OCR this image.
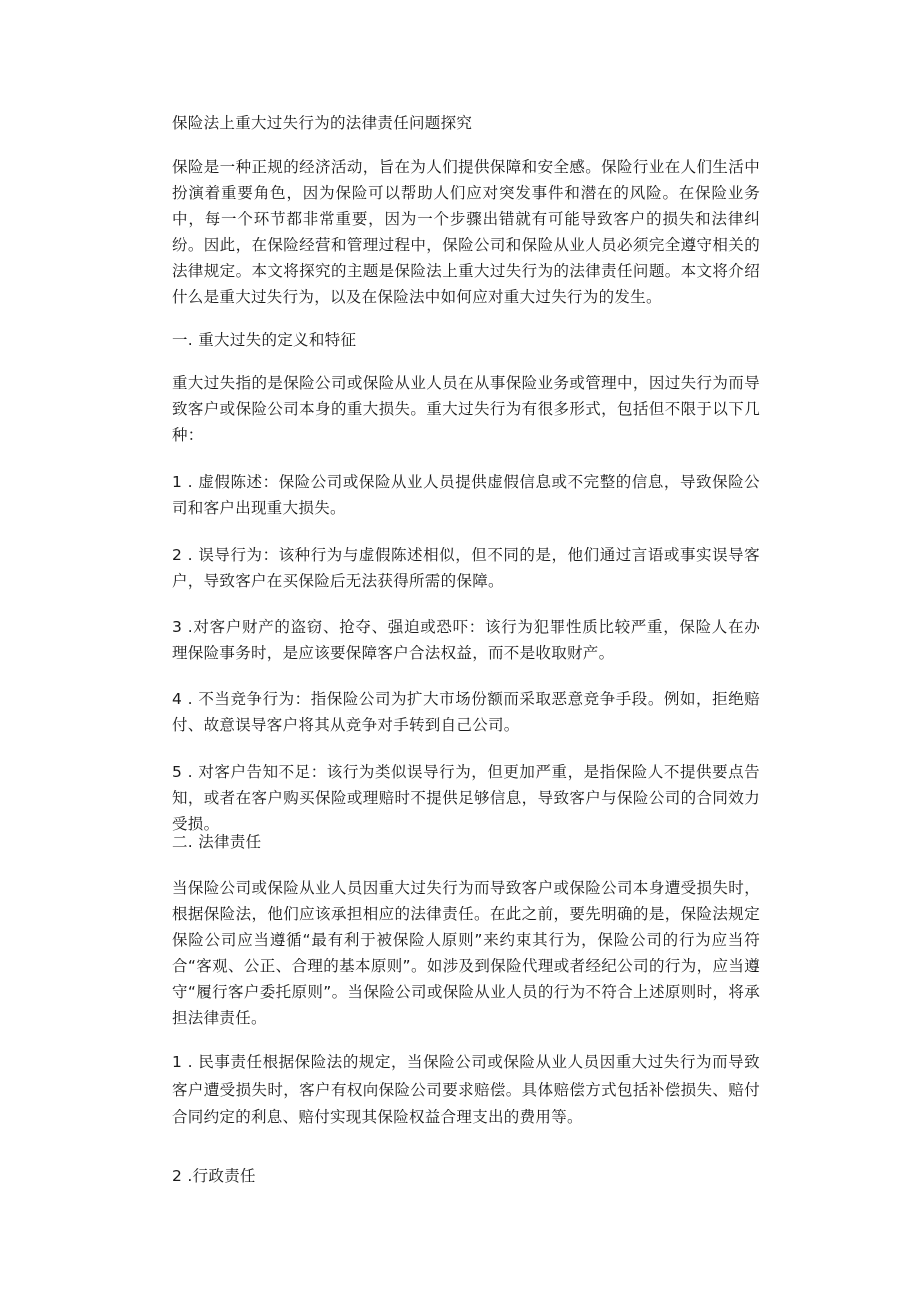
保险法上重大过失行为的法律责任问题探究

保险是一种正规的经济活动，旨在为人们提供保障和安全感。保险行业在人们生活中扮演着重要角色，因为保险可以帮助人们应对突发事件和潜在的风险。在保险业务中，每一个环节都非常重要，因为一个步骤出错就有可能导致客户的损失和法律纠纷。因此，在保险经营和管理过程中，保险公司和保险从业人员必须完全遵守相关的法律规定。本文将探究的主题是保险法上重大过失行为的法律责任问题。本文将介绍什么是重大过失行为，以及在保险法中如何应对重大过失行为的发生。

一. 重大过失的定义和特征

重大过失指的是保险公司或保险从业人员在从事保险业务或管理中，因过失行为而导致客户或保险公司本身的重大损失。重大过失行为有很多形式，包括但不限于以下几种：

1 . 虚假陈述：保险公司或保险从业人员提供虚假信息或不完整的信息，导致保险公司和客户出现重大损失。

2 . 误导行为：该种行为与虚假陈述相似，但不同的是，他们通过言语或事实误导客户，导致客户在买保险后无法获得所需的保障。

3 .对客户财产的盗窃、抢夺、强迫或恐吓：该行为犯罪性质比较严重，保险人在办理保险事务时，是应该要保障客户合法权益，而不是收取财产。

4 . 不当竞争行为：指保险公司为扩大市场份额而采取恶意竞争手段。例如，拒绝赔付、故意误导客户将其从竞争对手转到自己公司。

5 . 对客户告知不足：该行为类似误导行为，但更加严重，是指保险人不提供要点告知，或者在客户购买保险或理赔时不提供足够信息，导致客户与保险公司的合同效力受损。

二. 法律责任

当保险公司或保险从业人员因重大过失行为而导致客户或保险公司本身遭受损失时，根据保险法，他们应该承担相应的法律责任。在此之前，要先明确的是，保险法规定保险公司应当遵循“最有利于被保险人原则”来约束其行为，保险公司的行为应当符合“客观、公正、合理的基本原则”。如涉及到保险代理或者经纪公司的行为，应当遵守“履行客户委托原则”。当保险公司或保险从业人员的行为不符合上述原则时，将承担法律责任。

1 . 民事责任根据保险法的规定，当保险公司或保险从业人员因重大过失行为而导致客户遭受损失时，客户有权向保险公司要求赔偿。具体赔偿方式包括补偿损失、赔付合同约定的利息、赔付实现其保险权益合理支出的费用等。

2 .行政责任
